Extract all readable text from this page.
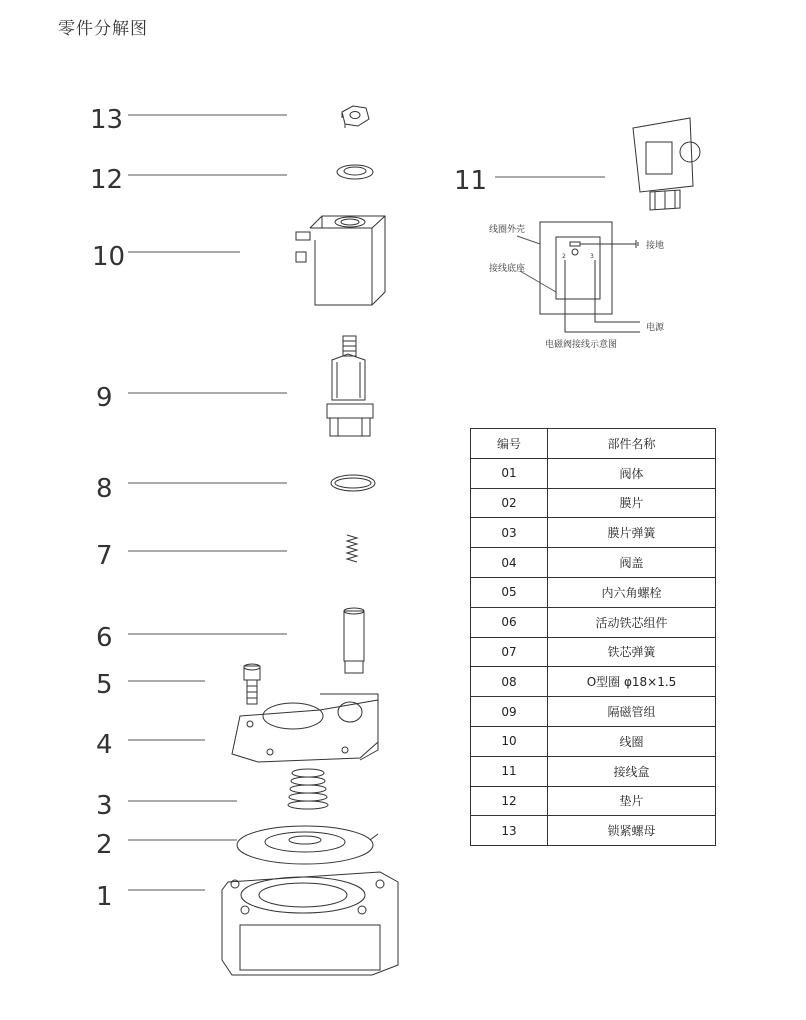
零件分解图
13
12
10
9
8
7
6
5
4
3
2
1
11
2	3
线圈外壳
接线底座
接地
电源
电磁阀接线示意图
编号	部件名称
01	阀体
02	膜片
03	膜片弹簧
04	阀盖
05	内六角螺栓
06	活动铁芯组件
07	铁芯弹簧
08	O型圈 φ18×1.5
09	隔磁管组
10	线圈
11	接线盒
12	垫片
13	锁紧螺母
